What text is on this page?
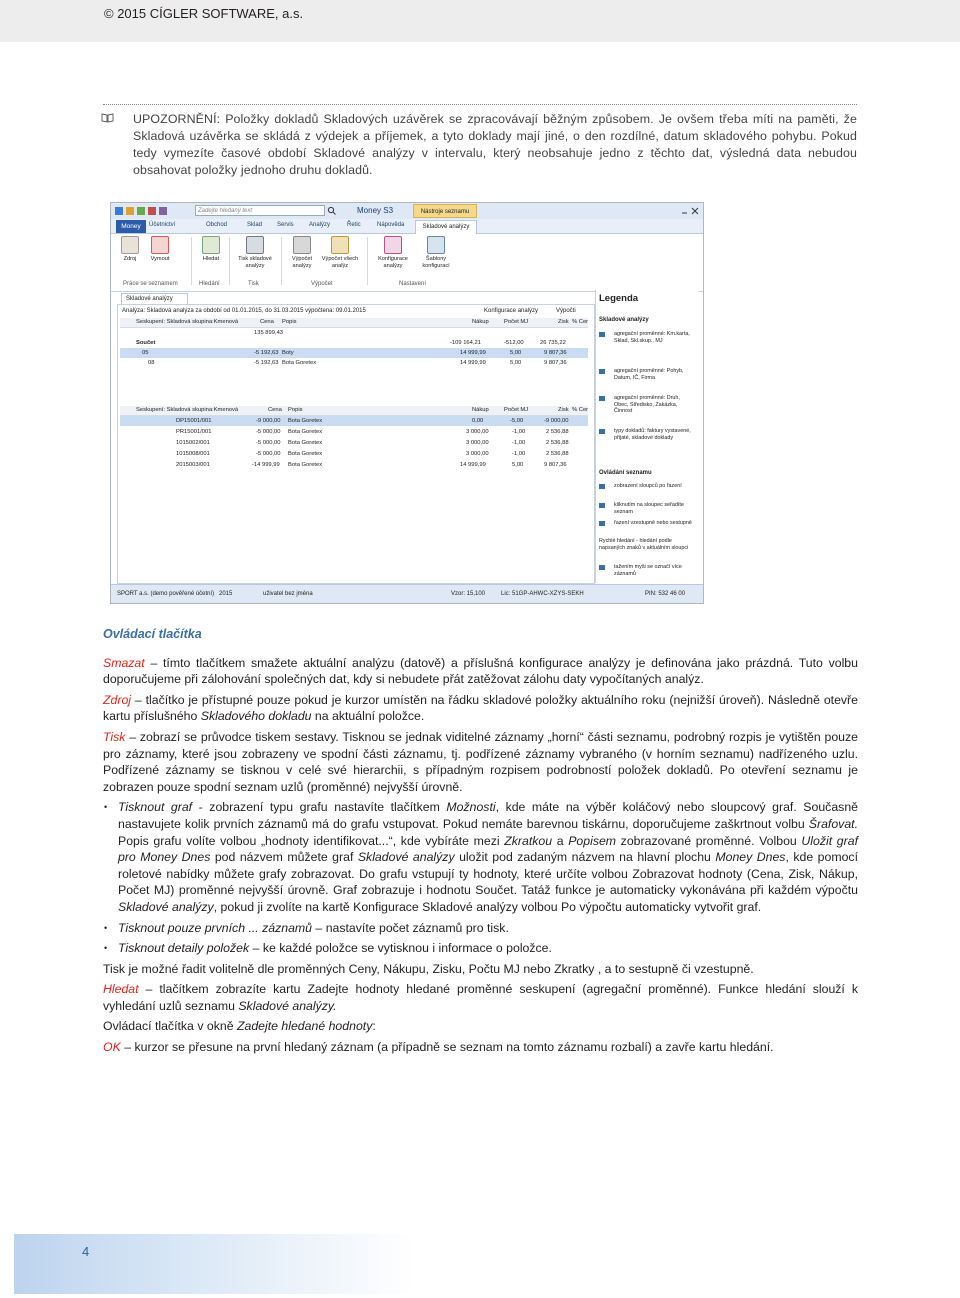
© 2015 CÍGLER SOFTWARE, a.s.
UPOZORNĚNÍ: Položky dokladů Skladových uzávěrek se zpracovávají běžným způsobem. Je ovšem třeba míti na paměti, že Skladová uzávěrka se skládá z výdejek a příjemek, a tyto doklady mají jiné, o den rozdílné, datum skladového pohybu. Pokud tedy vymezíte časové období Skladové analýzy v intervalu, který neobsahuje jedno z těchto dat, výsledná data nebudou obsahovat položky jednoho druhu dokladů.
Zadejte hledaný text	Money S3	Nástroje seznamu
Účetnictví	Obchod	Sklad Servis	Analýzy	Řetic	Nápověda
Money	Skladové analýzy
Zdroj	Vymout	Hledat	Tisk skladové analýzy
Výpočet analýzy
Výpočet všech analýz
Konfigurace analýzy
Šablony konfigurací
Práce se seznamem	Hledání	Tisk	Výpočet	Nastavení
Skladové analýzy
Analýza: Skladová analýza za období od 01.01.2015, do 31.03.2015 výpočtena: 09.01.2015	Konfigurace analýzy	Výpočti
Seskupení: Skladová skupina:Kmenová	Cena Popis	Nákup	Počet MJ	Zisk % Cer
135 899,43
Součet	-109 164,21	-512,00	26 735,22
05	-5 192,63 Boty	14 999,99	5,00	9 807,36
08	-5 192,63 Bota Goretex	14 999,99	5,00	9 807,36
Seskupení: Skladová skupina:Kmenová	Cena Popis	Nákup	Počet MJ	Zisk % Cer
DP15001/001	-9 000,00 Bota Goretex	0,00	-5,00	-9 000,00
PR15001/001	-5 000,00 Bota Goretex	3 000,00	-1,00	2 536,88
1015002/001	-5 000,00 Bota Goretex	3 000,00	-1,00	2 536,88
1015008/001	-5 000,00 Bota Goretex	3 000,00	-1,00	2 536,88
2015003/001	-14 999,99 Bota Goretex	14 999,99	5,00	9 807,36
Legenda
Skladové analýzy
agregační proměnné: Km.karta, Sklad, Skl.skup., MJ
agregační proměnné: Pohyb, Datum, IČ, Firma
agregační proměnné: Druh, Obec, Středisko, Zakázka, Činnost
typy dokladů: faktury vystavené, přijaté, skladové doklady
Ovládání seznamu
zobrazení sloupců po řazení
kliknutím na sloupec seřadíte seznam
řazení vzestupně nebo sestupně
Rychlé hledání - hledání podle napsaných znaků v aktuálním sloupci
tažením myši se označí více záznamů
SPORT a.s. (demo pověřené účetní) 2015	uživatel bez jména	Vzor: 15,100	Lic: 51GP-AHWC-XZYS-SEKH	PIN: 532 46 00

Ovládací tlačítka

Smazat – tímto tlačítkem smažete aktuální analýzu (datově) a příslušná konfigurace analýzy je definována jako prázdná. Tuto volbu doporučujeme při zálohování společných dat, kdy si nebudete přát zatěžovat zálohu daty vypočítaných analýz.

Zdroj – tlačítko je přístupné pouze pokud je kurzor umístěn na řádku skladové položky aktuálního roku (nejnižší úroveň). Následně otevře kartu příslušného Skladového dokladu na aktuální položce.

Tisk – zobrazí se průvodce tiskem sestavy. Tisknou se jednak viditelné záznamy „horní“ části seznamu, podrobný rozpis je vytištěn pouze pro záznamy, které jsou zobrazeny ve spodní části záznamu, tj. podřízené záznamy vybraného (v horním seznamu) nadřízeného uzlu. Podřízené záznamy se tisknou v celé své hierarchii, s případným rozpisem podrobností položek dokladů. Po otevření seznamu je zobrazen pouze spodní seznam uzlů (proměnné) nejvyšší úrovně.

• Tisknout graf - zobrazení typu grafu nastavíte tlačítkem Možnosti, kde máte na výběr koláčový nebo sloupcový graf. Současně nastavujete kolik prvních záznamů má do grafu vstupovat. Pokud nemáte barevnou tiskárnu, doporučujeme zaškrtnout volbu Šrafovat. Popis grafu volíte volbou „hodnoty identifikovat...“, kde vybíráte mezi Zkratkou a Popisem zobrazované proměnné. Volbou Uložit graf pro Money Dnes pod názvem můžete graf Skladové analýzy uložit pod zadaným názvem na hlavní plochu Money Dnes, kde pomocí roletové nabídky můžete grafy zobrazovat. Do grafu vstupují ty hodnoty, které určíte volbou Zobrazovat hodnoty (Cena, Zisk, Nákup, Počet MJ) proměnné nejvyšší úrovně. Graf zobrazuje i hodnotu Součet. Tatáž funkce je automaticky vykonávána při každém výpočtu Skladové analýzy, pokud ji zvolíte na kartě Konfigurace Skladové analýzy volbou Po výpočtu automaticky vytvořit graf.

• Tisknout pouze prvních ... záznamů – nastavíte počet záznamů pro tisk.

• Tisknout detaily položek – ke každé položce se vytisknou i informace o položce.

Tisk je možné řadit volitelně dle proměnných Ceny, Nákupu, Zisku, Počtu MJ nebo Zkratky , a to sestupně či vzestupně.

Hledat – tlačítkem zobrazíte kartu Zadejte hodnoty hledané proměnné seskupení (agregační proměnné). Funkce hledání slouží k vyhledání uzlů seznamu Skladové analýzy.

Ovládací tlačítka v okně Zadejte hledané hodnoty:

OK – kurzor se přesune na první hledaný záznam (a případně se seznam na tomto záznamu rozbalí) a zavře kartu hledání.

4
